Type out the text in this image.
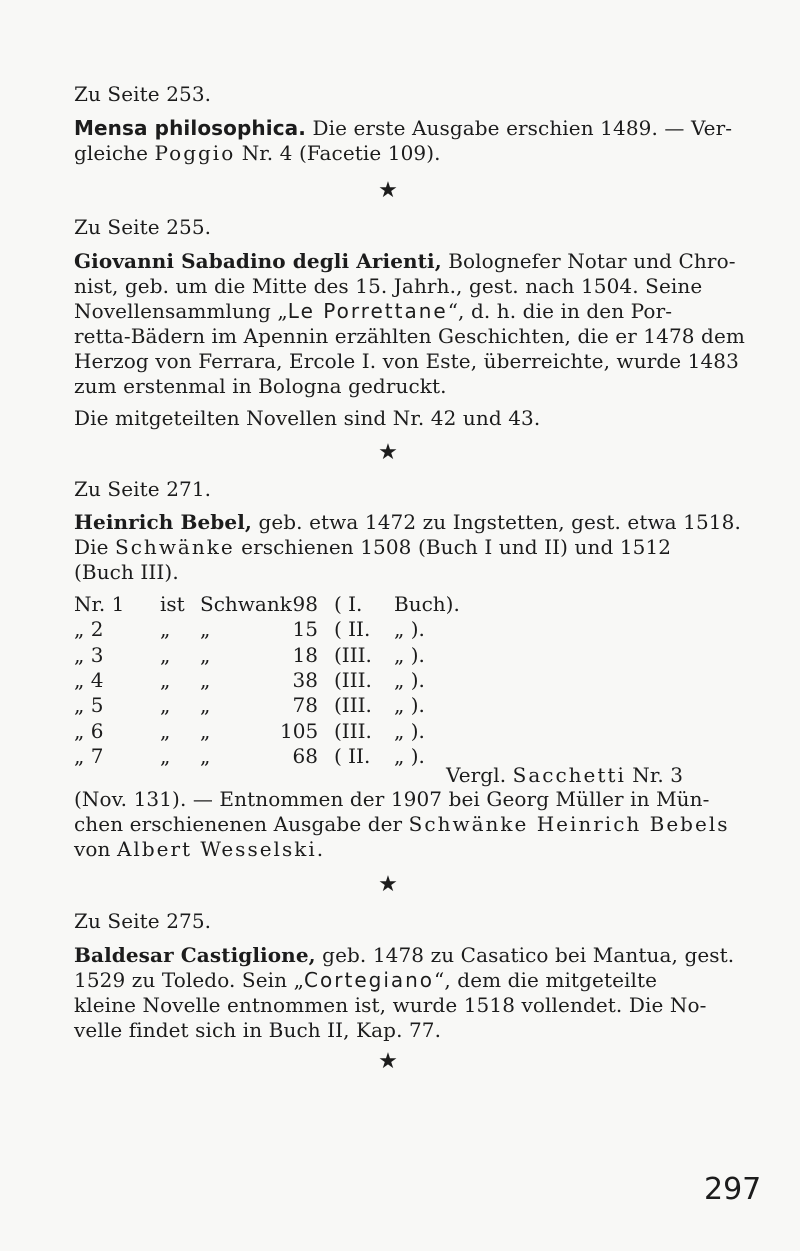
Zu Seite 253.
Mensa philosophica. Die erste Ausgabe erschien 1489. — Ver-
gleiche Poggio Nr. 4 (Facetie 109).
★
Zu Seite 255.
Giovanni Sabadino degli Arienti, Bolognefer Notar und Chro-
nist, geb. um die Mitte des 15. Jahrh., gest. nach 1504. Seine
Novellensammlung „Le Porrettane“, d. h. die in den Por-
retta-Bädern im Apennin erzählten Geschichten, die er 1478 dem
Herzog von Ferrara, Ercole I. von Este, überreichte, wurde 1483
zum erstenmal in Bologna gedruckt.
Die mitgeteilten Novellen sind Nr. 42 und 43.
★
Zu Seite 271.
Heinrich Bebel, geb. etwa 1472 zu Ingstetten, gest. etwa 1518.
Die Schwänke erschienen 1508 (Buch I und II) und 1512
(Buch III).
Nr. 1 ist Schwank 98 ( I. Buch).
„ 2	„ „	15 ( II. „ ).
„ 3	„ „	18 (III. „ ).
„ 4	„ „	38 (III. „ ).
„ 5	„ „	78 (III. „ ).
„ 6	„ „	105 (III. „ ).
„ 7	„ „	68 ( II. „ ).
Vergl. Sacchetti Nr. 3
(Nov. 131). — Entnommen der 1907 bei Georg Müller in Mün-
chen erschienenen Ausgabe der Schwänke Heinrich Bebels
von Albert Wesselski.
★
Zu Seite 275.
Baldesar Castiglione, geb. 1478 zu Casatico bei Mantua, gest.
1529 zu Toledo. Sein „Cortegiano“, dem die mitgeteilte
kleine Novelle entnommen ist, wurde 1518 vollendet. Die No-
velle findet sich in Buch II, Kap. 77.
★
297
